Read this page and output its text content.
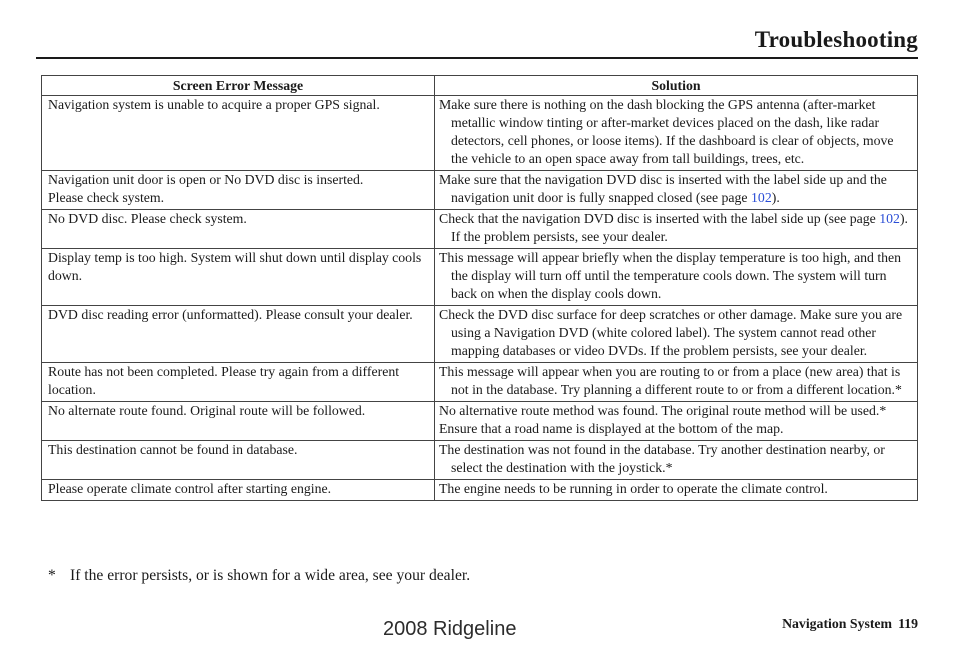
Troubleshooting
Screen Error Message	Solution
Navigation system is unable to acquire a proper GPS signal.	Make sure there is nothing on the dash blocking the GPS antenna (after-market metallic window tinting or after-market devices placed on the dash, like radar detectors, cell phones, or loose items). If the dashboard is clear of objects, move the vehicle to an open space away from tall buildings, trees, etc.

Navigation unit door is open or No DVD disc is inserted.
Please check system.	Make sure that the navigation DVD disc is inserted with the label side up and the navigation unit door is fully snapped closed (see page 102).

No DVD disc. Please check system.	Check that the navigation DVD disc is inserted with the label side up (see page 102). If the problem persists, see your dealer.

Display temp is too high. System will shut down until display cools down.	This message will appear briefly when the display temperature is too high, and then the display will turn off until the temperature cools down. The system will turn back on when the display cools down.

DVD disc reading error (unformatted). Please consult your dealer.	Check the DVD disc surface for deep scratches or other damage. Make sure you are using a Navigation DVD (white colored label). The system cannot read other mapping databases or video DVDs. If the problem persists, see your dealer.

Route has not been completed. Please try again from a different location.	This message will appear when you are routing to or from a place (new area) that is not in the database. Try planning a different route to or from a different location.*

No alternate route found. Original route will be followed.	No alternative route method was found. The original route method will be used.*
Ensure that a road name is displayed at the bottom of the map.

This destination cannot be found in database.	The destination was not found in the database. Try another destination nearby, or select the destination with the joystick.*

Please operate climate control after starting engine.	The engine needs to be running in order to operate the climate control.
* If the error persists, or is shown for a wide area, see your dealer.
Navigation System 119
2008 Ridgeline
